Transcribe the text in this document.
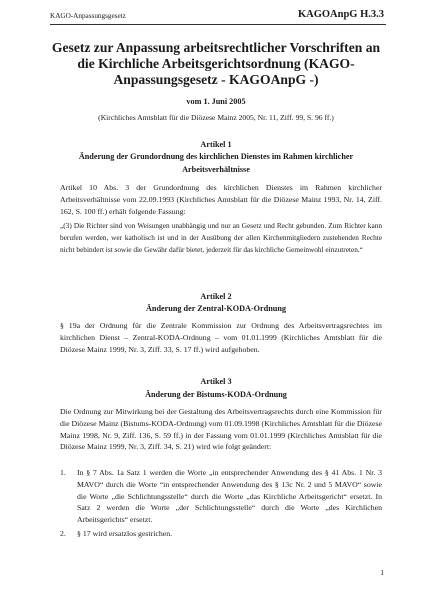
KAGO-Anpassungsgesetz	KAGOAnpG H.3.3
Gesetz zur Anpassung arbeitsrechtlicher Vorschriften an die Kirchliche Arbeitsgerichtsordnung (KAGO-Anpassungsgesetz - KAGOAnpG -)
vom 1. Juni 2005
(Kirchliches Amtsblatt für die Diözese Mainz 2005, Nr. 11, Ziff. 99, S. 96 ff.)
Artikel 1
Änderung der Grundordnung des kirchlichen Dienstes im Rahmen kirchlicher Arbeitsverhältnisse

Artikel 10 Abs. 3 der Grundordnung des kirchlichen Dienstes im Rahmen kirchlicher Arbeitsverhältnisse vom 22.09.1993 (Kirchliches Amtsblatt für die Diözese Mainz 1993, Nr. 14, Ziff. 162, S. 100 ff.) erhält folgende Fassung:

„(3) Die Richter sind von Weisungen unabhängig und nur an Gesetz und Recht gebunden. Zum Richter kann berufen werden, wer katholisch ist und in der Ausübung der allen Kirchenmitgliedern zustehenden Rechte nicht behindert ist sowie die Gewähr dafür bietet, jederzeit für das kirchliche Gemeinwohl einzutreten.“

Artikel 2
Änderung der Zentral-KODA-Ordnung

§ 19a der Ordnung für die Zentrale Kommission zur Ordnung des Arbeitsvertragsrechtes im kirchlichen Dienst – Zentral-KODA-Ordnung – vom 01.01.1999 (Kirchliches Amtsblatt für die Diözese Mainz 1999, Nr. 3, Ziff. 33, S. 17 ff.) wird aufgehoben.

Artikel 3
Änderung der Bistums-KODA-Ordnung

Die Ordnung zur Mitwirkung bei der Gestaltung des Arbeitsvertragsrechts durch eine Kommission für die Diözese Mainz (Bistums-KODA-Ordnung) vom 01.09.1998 (Kirchliches Amtsblatt für die Diözese Mainz 1998, Nr. 9, Ziff. 136, S. 59 ff.) in der Fassung vom 01.01.1999 (Kirchliches Amtsblatt für die Diözese Mainz 1999, Nr. 3, Ziff. 34, S. 21) wird wie folgt geändert:

1. In § 7 Abs. 1a Satz 1 werden die Worte „in entsprechender Anwendung des § 41 Abs. 1 Nr. 3 MAVO“ durch die Worte “in entsprechender Anwendung des § 13c Nr. 2 und 5 MAVO“ sowie die Worte „die Schlichtungsstelle“ durch die Worte „das Kirchliche Arbeitsgericht“ ersetzt. In Satz 2 werden die Worte „der Schlichtungsstelle“ durch die Worte „des Kirchlichen Arbeitsgerichts“ ersetzt.
2. § 17 wird ersatzlos gestrichen.
1
